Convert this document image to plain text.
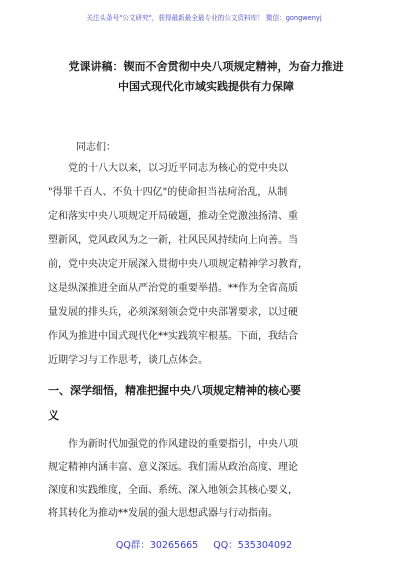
关注头条号"公文研究"，获得最新最全最专业的公文资料库！ 微信：gongwenyj
党课讲稿：锲而不舍贯彻中央八项规定精神，为奋力推进
中国式现代化市域实践提供有力保障
同志们：
　　党的十八大以来，以习近平同志为核心的党中央以
"得罪千百人、不负十四亿"的使命担当祛疴治乱，从制
定和落实中央八项规定开局破题，推动全党激浊扬清、重
塑新风，党风政风为之一新，社风民风持续向上向善。当
前，党中央决定开展深入贯彻中央八项规定精神学习教育，
这是纵深推进全面从严治党的重要举措。**作为全省高质
量发展的排头兵，必须深刻领会党中央部署要求，以过硬
作风为推进中国式现代化**实践筑牢根基。下面，我结合
近期学习与工作思考，谈几点体会。
一、深学细悟，精准把握中央八项规定精神的核心要
义
　　作为新时代加强党的作风建设的重要指引，中央八项
规定精神内涵丰富、意义深远。我们需从政治高度、理论
深度和实践维度，全面、系统、深入地领会其核心要义，
将其转化为推动**发展的强大思想武器与行动指南。
QQ群：30265665 QQ：535304092
